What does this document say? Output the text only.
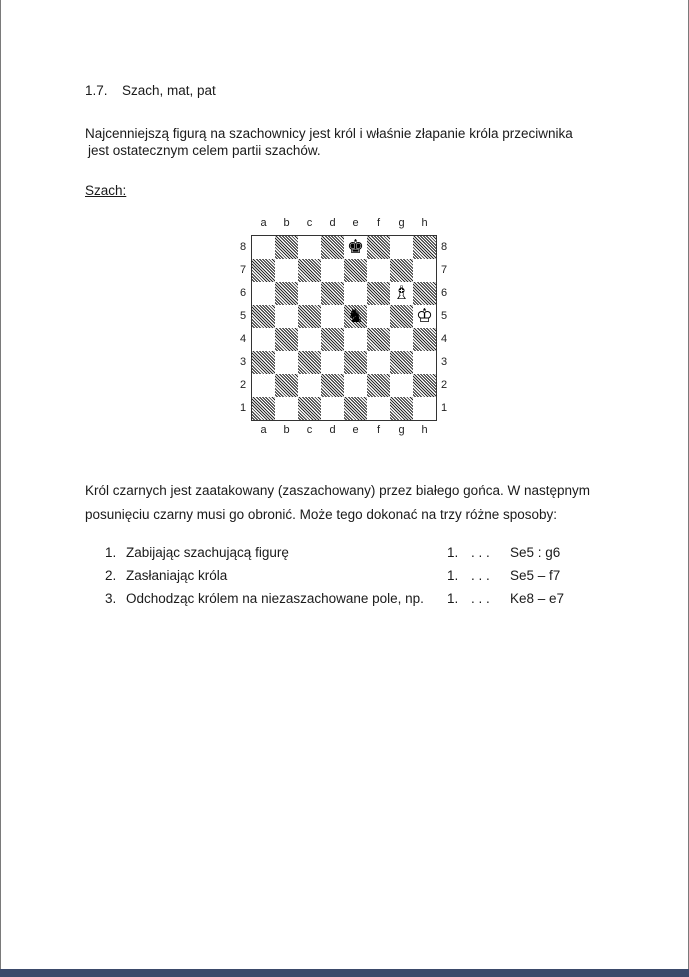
1.7. Szach, mat, pat
Najcenniejszą figurą na szachownicy jest król i właśnie złapanie króla przeciwnika
jest ostatecznym celem partii szachów.
Szach:
♚
♗
♞	♔
a
a
b
b
c
c
d
d
e
e
f
f
g
g
h
h
8	8
7	7
6	6
5	5
4	4
3	3
2	2
1	1
Król czarnych jest zaatakowany (zaszachowany) przez białego gońca. W następnym
posunięciu czarny musi go obronić. Może tego dokonać na trzy różne sposoby:
1. Zabijając szachującą figurę	1. . . . Se5 : g6
2. Zasłaniając króla	1. . . . Se5 – f7
3. Odchodząc królem na niezaszachowane pole, np. 1. . . . Ke8 – e7
